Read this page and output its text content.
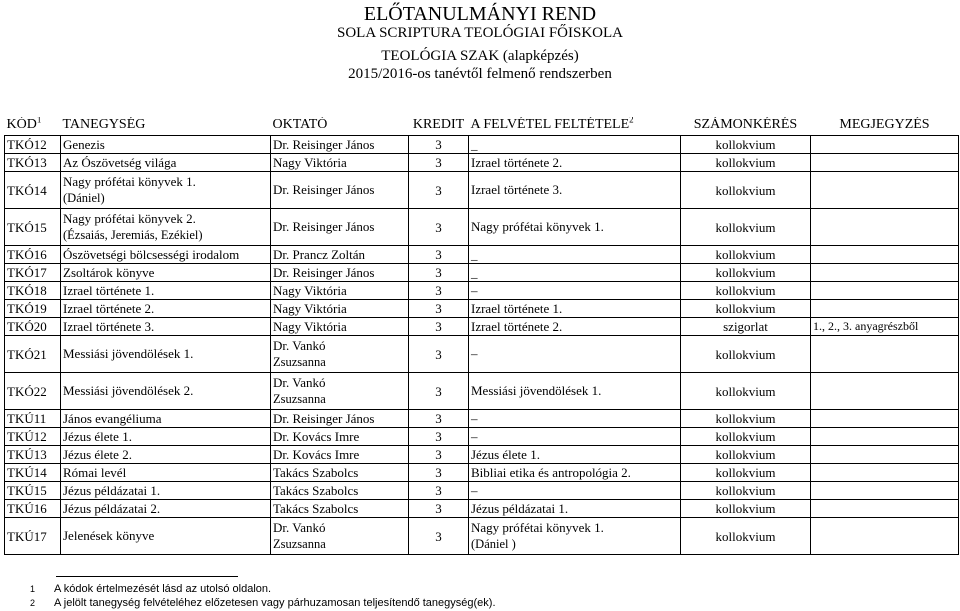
ELŐTANULMÁNYI REND
SOLA SCRIPTURA TEOLÓGIAI FŐISKOLA
TEOLÓGIA SZAK (alapképzés)
2015/2016-os tanévtől felmenő rendszerben
KÓD$^1$	TANEGYSÉG	OKTATÓ	KREDIT	A FELVÉTEL FELTÉTELE$^2$	SZÁMONKÉRÉS	MEGJEGYZÉS
TKÓ12	Genezis	Dr. Reisinger János	3	_	kollokvium	
TKÓ13	Az Ószövetség világa	Nagy Viktória	3	Izrael története 2.	kollokvium	
TKÓ14	Nagy prófétai könyvek 1.
(Dániel)	Dr. Reisinger János	3	Izrael története 3.	kollokvium	
TKÓ15	Nagy prófétai könyvek 2.
(Ézsaiás, Jeremiás, Ezékiel)	Dr. Reisinger János	3	Nagy prófétai könyvek 1.	kollokvium	
TKÓ16	Ószövetségi bölcsességi irodalom	Dr. Prancz Zoltán	3	_	kollokvium	
TKÓ17	Zsoltárok könyve	Dr. Reisinger János	3	_	kollokvium	
TKÓ18	Izrael története 1.	Nagy Viktória	3	–	kollokvium	
TKÓ19	Izrael története 2.	Nagy Viktória	3	Izrael története 1.	kollokvium	
TKÓ20	Izrael története 3.	Nagy Viktória	3	Izrael története 2.	szigorlat	1., 2., 3. anyagrészből
TKÓ21	Messiási jövendölések 1.	Dr. Vankó
Zsuzsanna	3	–	kollokvium	
TKÓ22	Messiási jövendölések 2.	Dr. Vankó
Zsuzsanna	3	Messiási jövendölések 1.	kollokvium	
TKÚ11	János evangéliuma	Dr. Reisinger János	3	–	kollokvium	
TKÚ12	Jézus élete 1.	Dr. Kovács Imre	3	–	kollokvium	
TKÚ13	Jézus élete 2.	Dr. Kovács Imre	3	Jézus élete 1.	kollokvium	
TKÚ14	Római levél	Takács Szabolcs	3	Bibliai etika és antropológia 2.	kollokvium	
TKÚ15	Jézus példázatai 1.	Takács Szabolcs	3	–	kollokvium	
TKÚ16	Jézus példázatai 2.	Takács Szabolcs	3	Jézus példázatai 1.	kollokvium	
TKÚ17	Jelenések könyve	Dr. Vankó
Zsuzsanna	3	Nagy prófétai könyvek 1.
(Dániel )	kollokvium	
1 A kódok értelmezését lásd az utolsó oldalon.
2 A jelölt tanegység felvételéhez előzetesen vagy párhuzamosan teljesítendő tanegység(ek).
